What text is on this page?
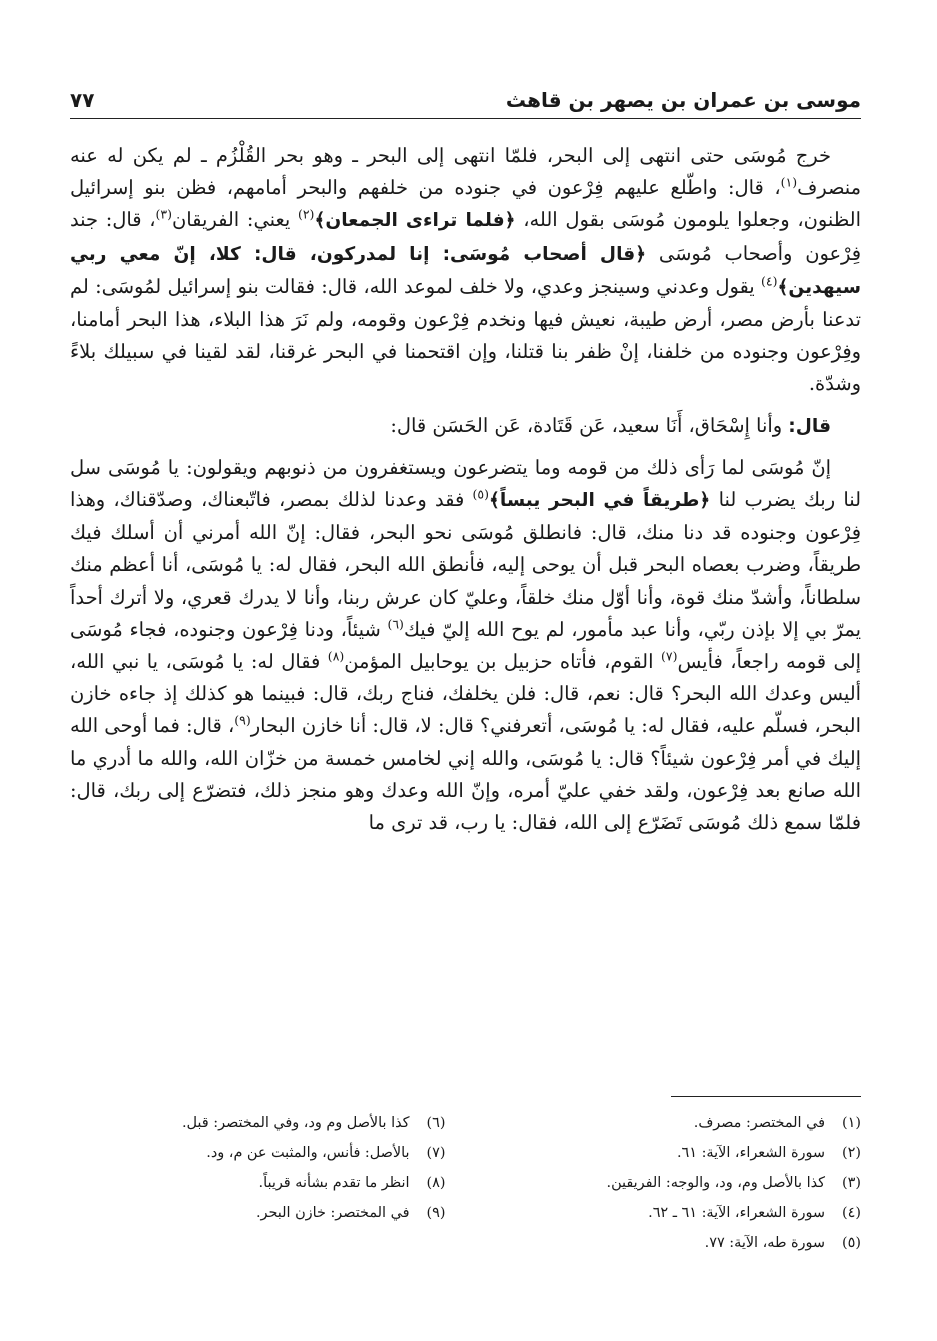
موسى بن عمران بن يصهر بن قاهث
٧٧

خرج مُوسَى حتى انتهى إلى البحر، فلمّا انتهى إلى البحر ـ وهو بحر القُلْزُم ـ لم يكن له عنه منصرف$^{(١)}$، قال: واطّلع عليهم فِرْعون في جنوده من خلفهم والبحر أمامهم، فظن بنو إسرائيل الظنون، وجعلوا يلومون مُوسَى بقول الله، ﴿فلما تراءى الجمعان﴾$^{(٢)}$ يعني: الفريقان$^{(٣)}$، قال: جند فِرْعون وأصحاب مُوسَى ﴿قال أصحاب مُوسَى: إنا لمدركون، قال: كلا، إنّ معي ربي سيهدين﴾$^{(٤)}$ يقول وعدني وسينجز وعدي، ولا خلف لموعد الله، قال: فقالت بنو إسرائيل لمُوسَى: لم تدعنا بأرض مصر، أرض طيبة، نعيش فيها ونخدم فِرْعون وقومه، ولم نَرَ هذا البلاء، هذا البحر أمامنا، وفِرْعون وجنوده من خلفنا، إنْ ظفر بنا قتلنا، وإن اقتحمنا في البحر غرقنا، لقد لقينا في سبيلك بلاءً وشدّة.

قال: وأنا إِسْحَاق، أَنَا سعيد، عَن قَتَادة، عَن الحَسَن قال:

إنّ مُوسَى لما رَأى ذلك من قومه وما يتضرعون ويستغفرون من ذنوبهم ويقولون: يا مُوسَى سل لنا ربك يضرب لنا ﴿طريقاً في البحر يبساً﴾$^{(٥)}$ فقد وعدنا لذلك بمصر، فاتّبعناك، وصدّقناك، وهذا فِرْعون وجنوده قد دنا منك، قال: فانطلق مُوسَى نحو البحر، فقال: إنّ الله أمرني أن أسلك فيك طريقاً، وضرب بعصاه البحر قبل أن يوحى إليه، فأنطق الله البحر، فقال له: يا مُوسَى، أنا أعظم منك سلطاناً، وأشدّ منك قوة، وأنا أوّل منك خلقاً، وعليّ كان عرش ربنا، وأنا لا يدرك قعري، ولا أترك أحداً يمرّ بي إلا بإذن ربّي، وأنا عبد مأمور، لم يوح الله إليّ فيك$^{(٦)}$ شيئاً، ودنا فِرْعون وجنوده، فجاء مُوسَى إلى قومه راجعاً، فأيس$^{(٧)}$ القوم، فأتاه حزبيل بن يوحابيل المؤمن$^{(٨)}$ فقال له: يا مُوسَى، يا نبي الله، أليس وعدك الله البحر؟ قال: نعم، قال: فلن يخلفك، فناج ربك، قال: فبينما هو كذلك إذ جاءه خازن البحر، فسلّم عليه، فقال له: يا مُوسَى، أتعرفني؟ قال: لا، قال: أنا خازن البحار$^{(٩)}$، قال: فما أوحى الله إليك في أمر فِرْعون شيئاً؟ قال: يا مُوسَى، والله إني لخامس خمسة من خزّان الله، والله ما أدري ما الله صانع بعد فِرْعون، ولقد خفي عليّ أمره، وإنّ الله وعدك وهو منجز ذلك، فتضرّع إلى ربك، قال: فلمّا سمع ذلك مُوسَى تَضَرّع إلى الله، فقال: يا رب، قد ترى ما

(١)
في المختصر: مصرف.
(٢)
سورة الشعراء، الآية: ٦١.
(٣)
كذا بالأصل وم، ود، والوجه: الفريقين.
(٤)
سورة الشعراء، الآية: ٦١ ـ ٦٢.
(٥)
سورة طه، الآية: ٧٧.
(٦)
كذا بالأصل وم ود، وفي المختصر: قبل.
(٧)
بالأصل: فأنس، والمثبت عن م، ود.
(٨)
انظر ما تقدم بشأنه قريباً.
(٩)
في المختصر: خازن البحر.
